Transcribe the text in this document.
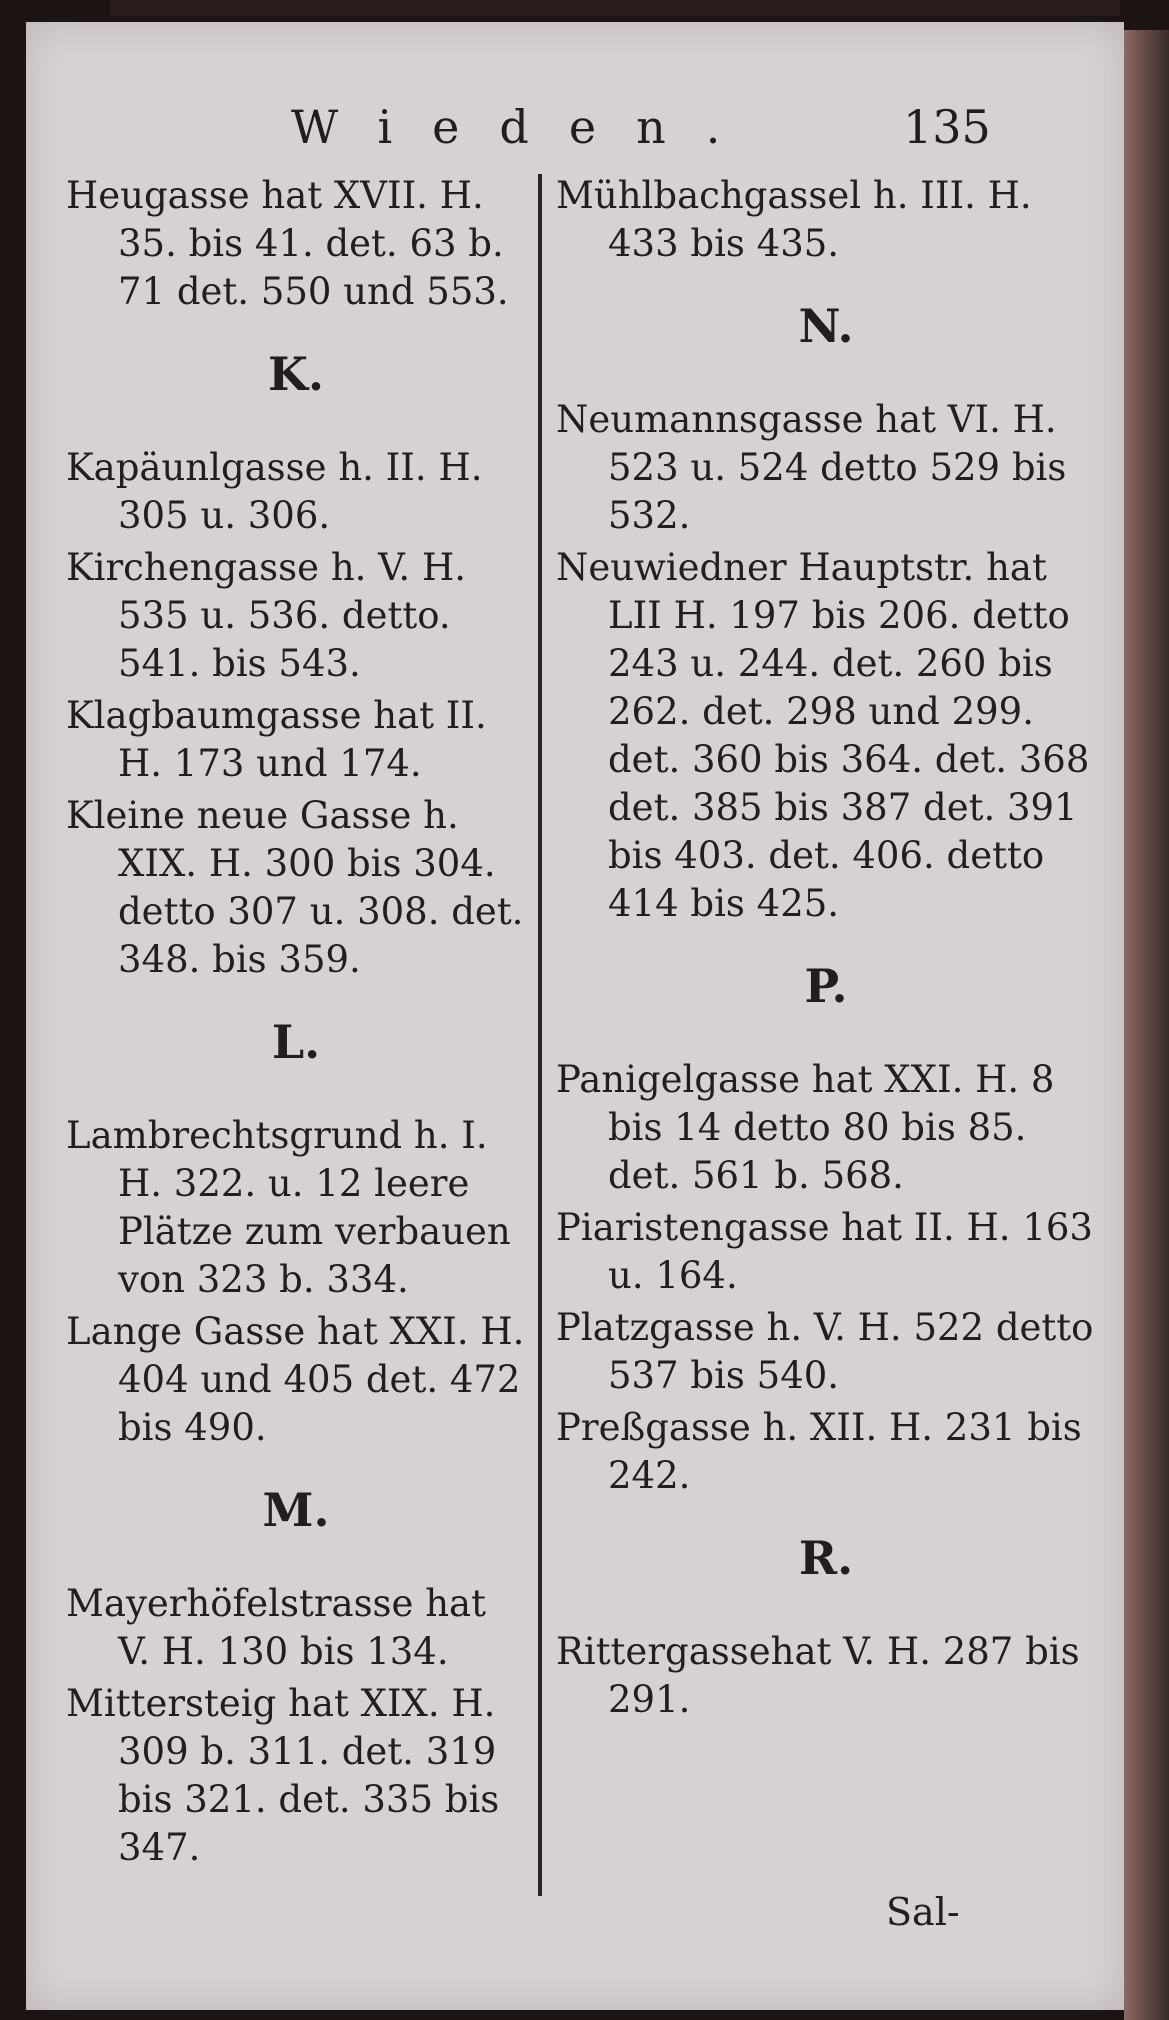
Wieden.	135

Heugasse hat XVII. H. 35. bis 41. det. 63 b. 71 det. 550 und 553.

K.

Kapäunlgasse h. II. H. 305 u. 306.

Kirchengasse h. V. H. 535 u. 536. detto. 541. bis 543.

Klagbaumgasse hat II. H. 173 und 174.

Kleine neue Gasse h. XIX. H. 300 bis 304. detto 307 u. 308. det. 348. bis 359.

L.

Lambrechtsgrund h. I. H. 322. u. 12 leere Plätze zum verbauen von 323 b. 334.

Lange Gasse hat XXI. H. 404 und 405 det. 472 bis 490.

M.

Mayerhöfelstrasse hat V. H. 130 bis 134.

Mittersteig hat XIX. H. 309 b. 311. det. 319 bis 321. det. 335 bis 347.

Mühlbachgassel h. III. H. 433 bis 435.

N.

Neumannsgasse hat VI. H. 523 u. 524 detto 529 bis 532.

Neuwiedner Hauptstr. hat LII H. 197 bis 206. detto 243 u. 244. det. 260 bis 262. det. 298 und 299. det. 360 bis 364. det. 368 det. 385 bis 387 det. 391 bis 403. det. 406. detto 414 bis 425.

P.

Panigelgasse hat XXI. H. 8 bis 14 detto 80 bis 85. det. 561 b. 568.

Piaristengasse hat II. H. 163 u. 164.

Platzgasse h. V. H. 522 detto 537 bis 540.

Preßgasse h. XII. H. 231 bis 242.

R.

Rittergassehat V. H. 287 bis 291.

Sal-
